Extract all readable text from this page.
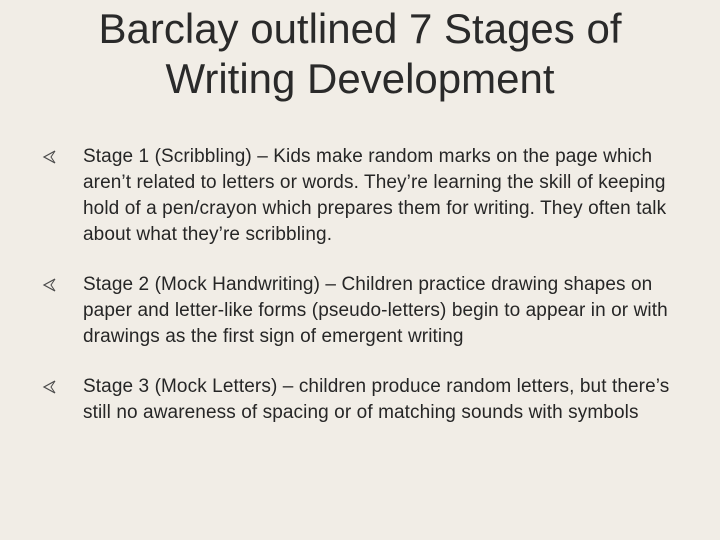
Barclay outlined 7 Stages of
Writing Development
Stage 1 (Scribbling) – Kids make random marks on the page which aren’t related to letters or words. They’re learning the skill of keeping hold of a pen/crayon which prepares them for writing. They often talk about what they’re scribbling.
Stage 2 (Mock Handwriting) – Children practice drawing shapes on paper and letter-like forms (pseudo-letters) begin to appear in or with drawings as the first sign of emergent writing
Stage 3 (Mock Letters) – children produce random letters, but there’s still no awareness of spacing or of matching sounds with symbols
